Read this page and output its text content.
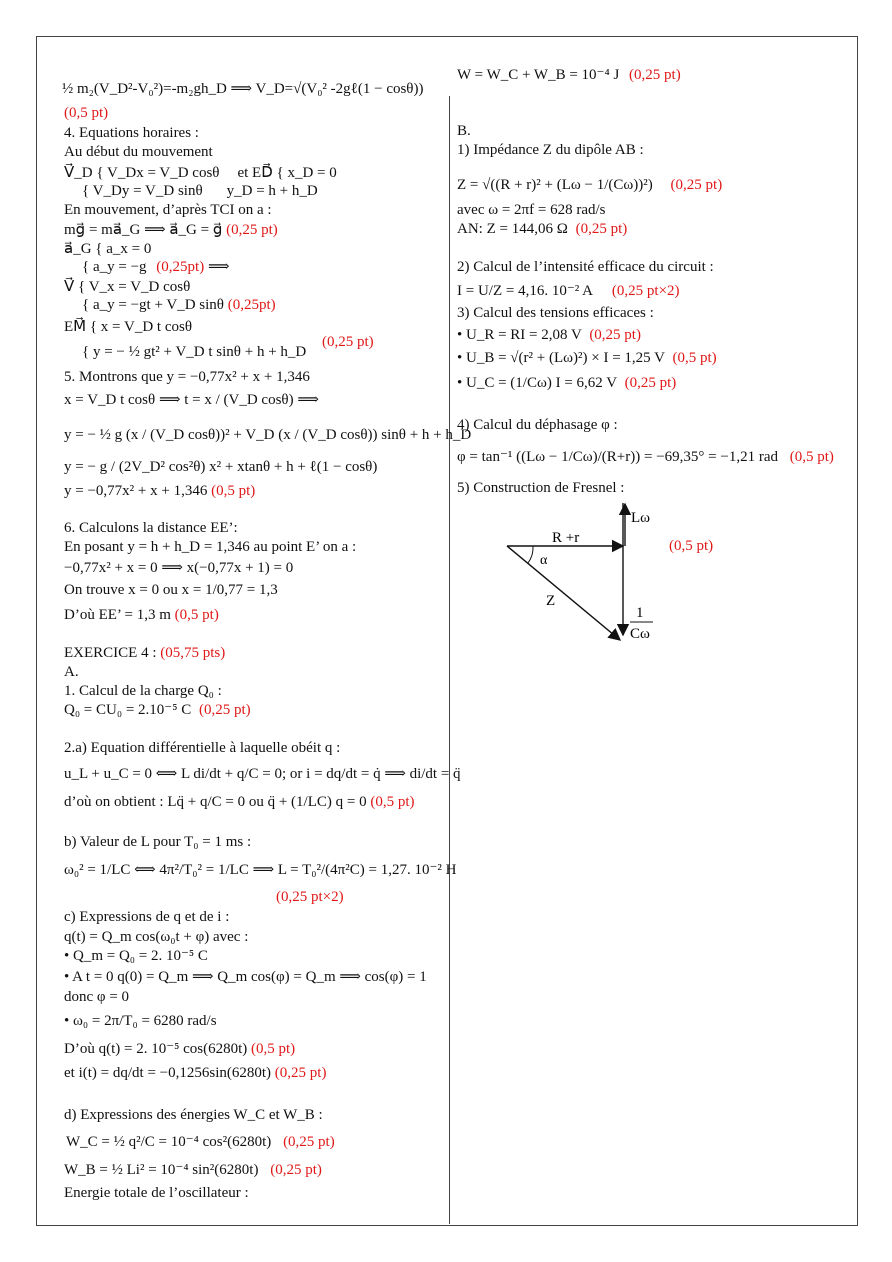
½ m₂(V_D²-V₀²)=-m₂gh_D ⟹ V_D=√(V₀² -2gℓ(1 − cosθ))
(0,5 pt)
4. Equations horaires :
Au début du mouvement
V⃗_D { V_Dx = V_D cosθ et ED⃗ { x_D = 0
{ V_Dy = V_D sinθ y_D = h + h_D
En mouvement, d’après TCI on a :
mg⃗ = ma⃗_G ⟹ a⃗_G = g⃗ (0,25 pt)
a⃗_G { a_x = 0
{ a_y = −g (0,25pt) ⟹
V⃗ { V_x = V_D cosθ
{ a_y = −gt + V_D sinθ (0,25pt)
EM⃗ { x = V_D t cosθ
{ y = − ½ gt² + V_D t sinθ + h + h_D
(0,25 pt)
5. Montrons que y = −0,77x² + x + 1,346
x = V_D t cosθ ⟹ t = x / (V_D cosθ) ⟹
y = − ½ g (x / (V_D cosθ))² + V_D (x / (V_D cosθ)) sinθ + h + h_D
y = − g / (2V_D² cos²θ) x² + xtanθ + h + ℓ(1 − cosθ)
y = −0,77x² + x + 1,346 (0,5 pt)
6. Calculons la distance EE’:
En posant y = h + h_D = 1,346 au point E’ on a :
−0,77x² + x = 0 ⟹ x(−0,77x + 1) = 0
On trouve x = 0 ou x = 1/0,77 = 1,3
D’où EE’ = 1,3 m (0,5 pt)
EXERCICE 4 : (05,75 pts)
A.
1. Calcul de la charge Q₀ :
Q₀ = CU₀ = 2.10⁻⁵ C (0,25 pt)
2.a) Equation différentielle à laquelle obéit q :
u_L + u_C = 0 ⟺ L di/dt + q/C = 0; or i = dq/dt = q̇ ⟹ di/dt = q̈
d’où on obtient : Lq̈ + q/C = 0 ou q̈ + (1/LC) q = 0 (0,5 pt)
b) Valeur de L pour T₀ = 1 ms :
ω₀² = 1/LC ⟺ 4π²/T₀² = 1/LC ⟹ L = T₀²/(4π²C) = 1,27. 10⁻² H
(0,25 pt×2)
c) Expressions de q et de i :
q(t) = Q_m cos(ω₀t + φ) avec :
• Q_m = Q₀ = 2. 10⁻⁵ C
• A t = 0 q(0) = Q_m ⟹ Q_m cos(φ) = Q_m ⟹ cos(φ) = 1
donc φ = 0
• ω₀ = 2π/T₀ = 6280 rad/s
D’où q(t) = 2. 10⁻⁵ cos(6280t) (0,5 pt)
et i(t) = dq/dt = −0,1256sin(6280t) (0,25 pt)
d) Expressions des énergies W_C et W_B :
W_C = ½ q²/C = 10⁻⁴ cos²(6280t) (0,25 pt)
W_B = ½ Li² = 10⁻⁴ sin²(6280t) (0,25 pt)
Energie totale de l’oscillateur :
W = W_C + W_B = 10⁻⁴ J (0,25 pt)
B.
1) Impédance Z du dipôle AB :
Z = √((R + r)² + (Lω − 1/(Cω))²) (0,25 pt)
avec ω = 2πf = 628 rad/s
AN: Z = 144,06 Ω (0,25 pt)
2) Calcul de l’intensité efficace du circuit :
I = U/Z = 4,16. 10⁻² A (0,25 pt×2)
3) Calcul des tensions efficaces :
• U_R = RI = 2,08 V (0,25 pt)
• U_B = √(r² + (Lω)²) × I = 1,25 V (0,5 pt)
• U_C = (1/Cω) I = 6,62 V (0,25 pt)
4) Calcul du déphasage φ :
φ = tan⁻¹ ((Lω − 1/Cω)/(R+r)) = −69,35° = −1,21 rad (0,5 pt)
5) Construction de Fresnel :
Lω
R +r
α
Z
1
Cω
(0,5 pt)
